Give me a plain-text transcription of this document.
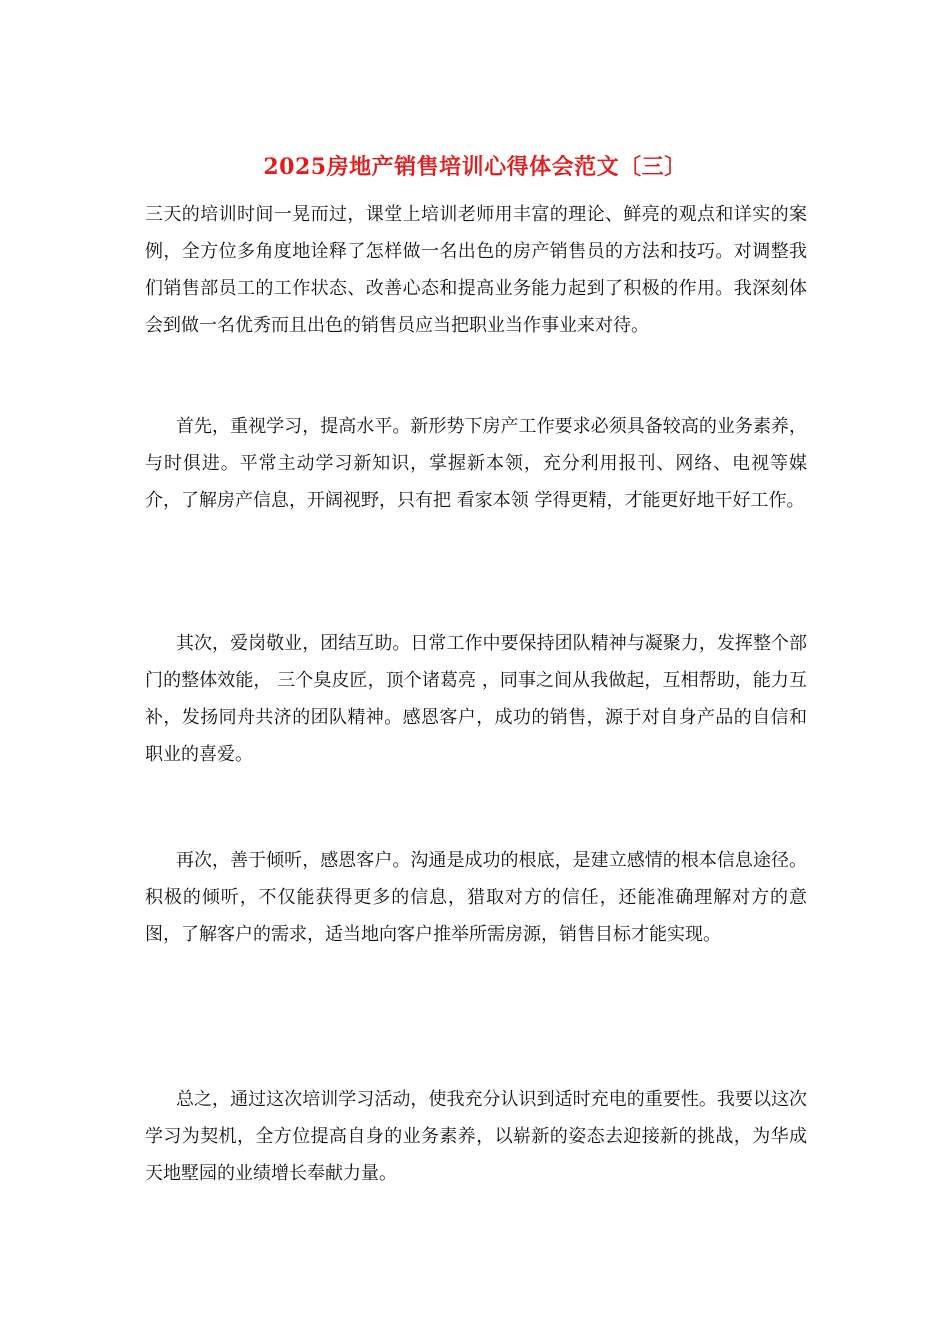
2025房地产销售培训心得体会范文〔三〕

三天的培训时间一晃而过，课堂上培训老师用丰富的理论、鲜亮的观点和详实的案例，全方位多角度地诠释了怎样做一名出色的房产销售员的方法和技巧。对调整我们销售部员工的工作状态、改善心态和提高业务能力起到了积极的作用。我深刻体会到做一名优秀而且出色的销售员应当把职业当作事业来对待。

首先，重视学习，提高水平。新形势下房产工作要求必须具备较高的业务素养，与时俱进。平常主动学习新知识，掌握新本领，充分利用报刊、网络、电视等媒介，了解房产信息，开阔视野，只有把 看家本领 学得更精，才能更好地干好工作。

其次，爱岗敬业，团结互助。日常工作中要保持团队精神与凝聚力，发挥整个部门的整体效能， 三个臭皮匠，顶个诸葛亮 ，同事之间从我做起，互相帮助，能力互补，发扬同舟共济的团队精神。感恩客户，成功的销售，源于对自身产品的自信和职业的喜爱。

再次，善于倾听，感恩客户。沟通是成功的根底，是建立感情的根本信息途径。积极的倾听，不仅能获得更多的信息，猎取对方的信任，还能准确理解对方的意图，了解客户的需求，适当地向客户推举所需房源，销售目标才能实现。

总之，通过这次培训学习活动，使我充分认识到适时充电的重要性。我要以这次学习为契机，全方位提高自身的业务素养，以崭新的姿态去迎接新的挑战，为华成天地墅园的业绩增长奉献力量。
